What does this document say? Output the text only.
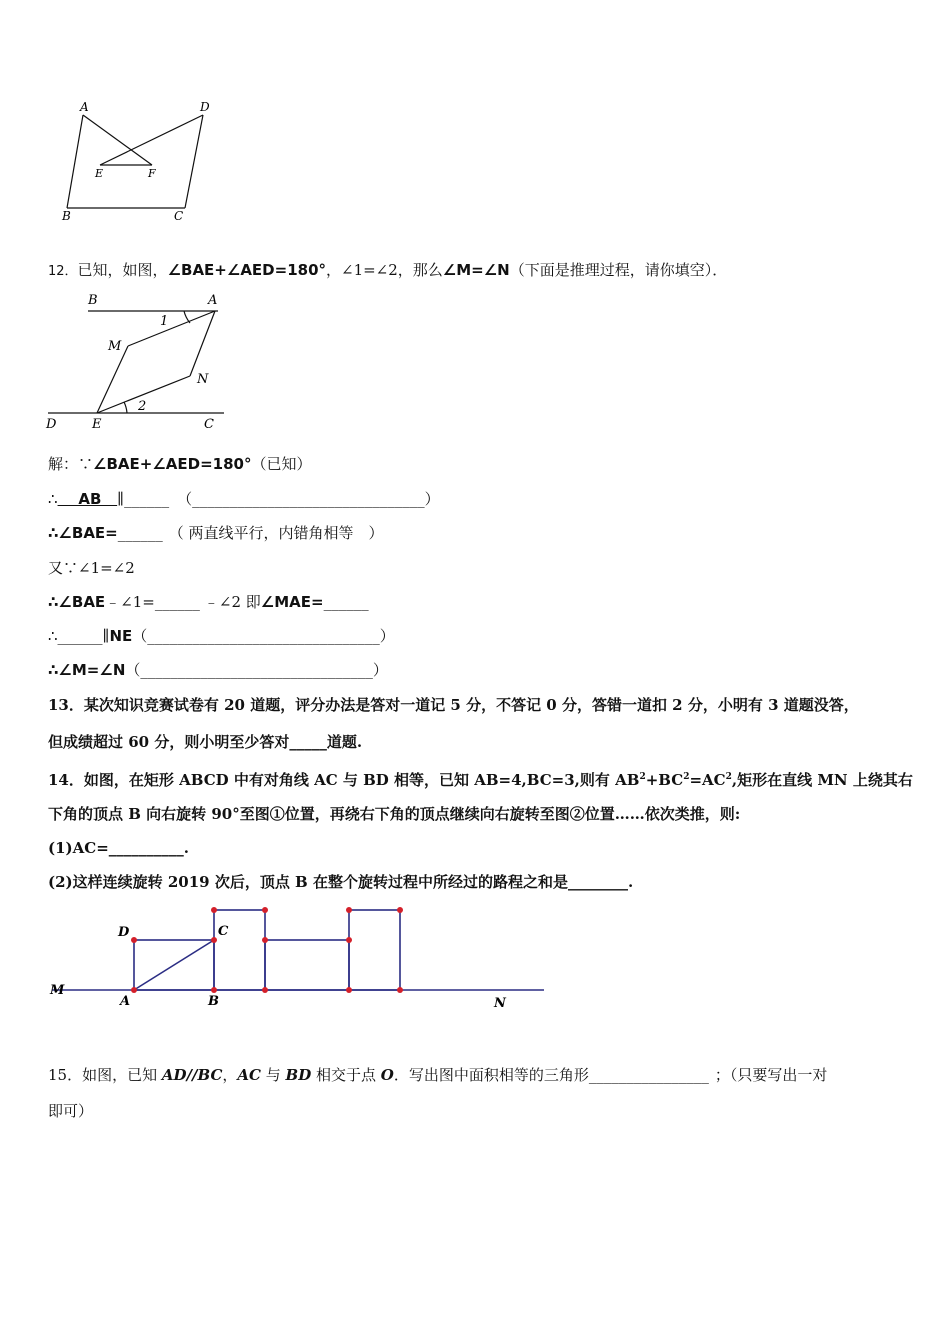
A	D
E	F
B	C
12．已知，如图，∠BAE+∠AED=180°，∠1=∠2，那么∠M=∠N（下面是推理过程，请你填空）．
B	A
1
M
N
2
D	E	C
解：∵∠BAE+∠AED=180°（已知）
∴    AB   ∥______ （_______________________________）
∴∠BAE=______ （ 两直线平行，内错角相等　）
又∵∠1=∠2
∴∠BAE﹣∠1=______ ﹣∠2 即∠MAE=______
∴______∥NE（_______________________________）
∴∠M=∠N（_______________________________）
13．某次知识竞赛试卷有 20 道题，评分办法是答对一道记 5 分，不答记 0 分，答错一道扣 2 分，小明有 3 道题没答，
但成绩超过 60 分，则小明至少答对_____道题.
14．如图，在矩形 ABCD 中有对角线 AC 与 BD 相等，已知 AB=4,BC=3,则有 $AB^2+BC^2=AC^2$,矩形在直线 MN 上绕其右
下角的顶点 B 向右旋转 90°至图①位置，再绕右下角的顶点继续向右旋转至图②位置……依次类推，则:
(1)AC=__________.
(2)这样连续旋转 2019 次后，顶点 B 在整个旋转过程中所经过的路程之和是________.
M
A	B
C
D
N
15．如图，已知 AD//BC，AC 与 BD 相交于点 O．写出图中面积相等的三角形________________ ；（只要写出一对
即可）
